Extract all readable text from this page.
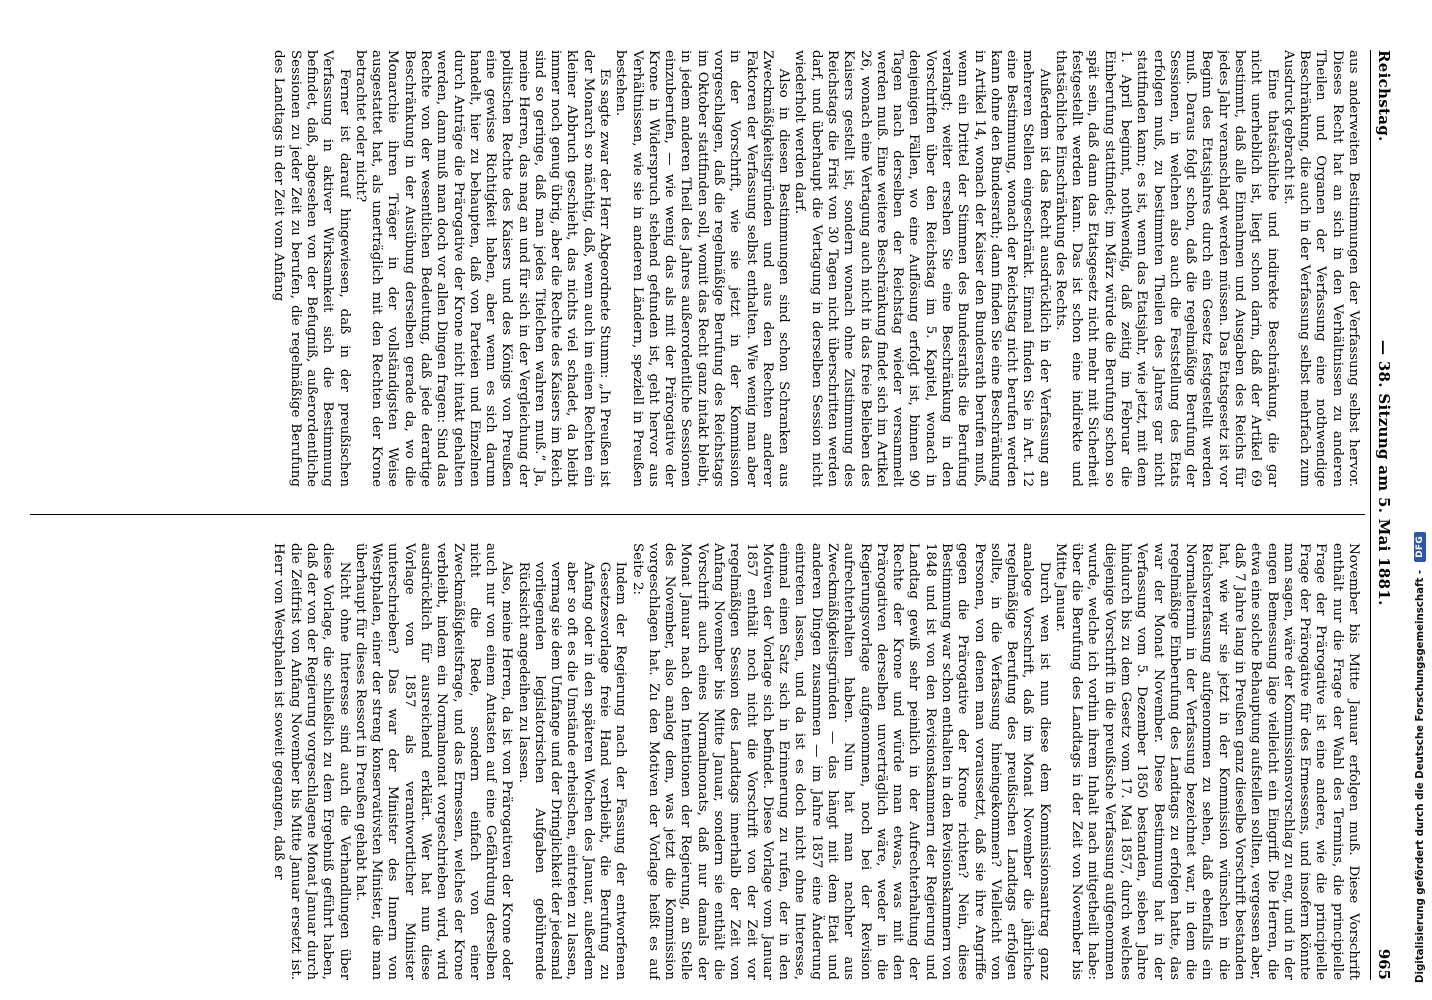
Reichstag.
— 38. Sitzung am 5. Mai 1881.
965

aus anderweiten Bestimmungen der Verfassung selbst hervor. Dieses Recht hat an sich in den Verhältnissen zu anderen Theilen und Organen der Verfassung eine nothwendige Beschränkung, die auch in der Verfassung selbst mehrfach zum Ausdruck gebracht ist.

Eine thatsächliche und indirekte Beschränkung, die gar nicht unerheblich ist, liegt schon darin, daß der Artikel 69 bestimmt, daß alle Einnahmen und Ausgaben des Reichs für jedes Jahr veranschlagt werden müssen. Das Etatsgesetz ist vor Beginn des Etatsjahres durch ein Gesetz festgestellt werden muß. Daraus folgt schon, daß die regelmäßige Berufung der Sessionen, in welchen also auch die Feststellung des Etats erfolgen muß, zu bestimmten Theilen des Jahres gar nicht stattfinden kann; es ist, wenn das Etatsjahr, wie jetzt, mit dem 1. April beginnt, nothwendig, daß zeitig im Februar die Einberufung stattfindet; im März würde die Berufung schon so spät sein, daß dann das Etatsgesetz nicht mehr mit Sicherheit festgestellt werden kann. Das ist schon eine indirekte und thatsächliche Einschränkung des Rechts.

Außerdem ist das Recht ausdrücklich in der Verfassung an mehreren Stellen eingeschränkt. Einmal finden Sie in Art. 12 eine Bestimmung, wonach der Reichstag nicht berufen werden kann ohne den Bundesrath; dann finden Sie eine Beschränkung in Artikel 14, wonach der Kaiser den Bundesrath berufen muß, wenn ein Drittel der Stimmen des Bundesraths die Berufung verlangt; weiter ersehen Sie eine Beschränkung in den Vorschriften über den Reichstag im 5. Kapitel, wonach in denjenigen Fällen, wo eine Auflösung erfolgt ist, binnen 90 Tagen nach derselben der Reichstag wieder versammelt werden muß. Eine weitere Beschränkung findet sich im Artikel 26, wonach eine Vertagung auch nicht in das freie Belieben des Kaisers gestellt ist, sondern wonach ohne Zustimmung des Reichstags die Frist von 30 Tagen nicht überschritten werden darf, und überhaupt die Vertagung in derselben Session nicht wiederholt werden darf.

Also in diesen Bestimmungen sind schon Schranken aus Zweckmäßigkeitsgründen und aus den Rechten anderer Faktoren der Verfassung selbst enthalten. Wie wenig man aber in der Vorschrift, wie sie jetzt in der Kommission vorgeschlagen, daß die regelmäßige Berufung des Reichstags im Oktober stattfinden soll, womit das Recht ganz intakt bleibt, in jedem anderen Theil des Jahres außerordentliche Sessionen einzuberufen, — wie wenig das als mit der Prärogative der Krone in Widerspruch stehend gefunden ist, geht hervor aus Verhältnissen, wie sie in anderen Ländern, speziell in Preußen bestehen.

Es sagte zwar der Herr Abgeordnete Stumm: „In Preußen ist der Monarch so mächtig, daß, wenn auch im einen Rechten ein kleiner Abbruch geschieht, das nichts viel schadet, da bleibt immer noch genug übrig, aber die Rechte des Kaisers im Reich sind so geringe, daß man jedes Titelchen wahren muß.“ Ja, meine Herren, das mag an und für sich in der Vergleichung der politischen Rechte des Kaisers und des Königs von Preußen eine gewisse Richtigkeit haben, aber wenn es sich darum handelt, hier zu behaupten, daß von Parteien und Einzelnen durch Anträge die Prärogative der Krone nicht intakt gehalten werden, dann muß man doch vor allen Dingen fragen: Sind das Rechte von der wesentlichen Bedeutung, daß jede derartige Beschränkung in der Ausübung derselben gerade da, wo die Monarchie ihren Träger in der vollständigsten Weise ausgestattet hat, als unerträglich mit den Rechten der Krone betrachtet oder nicht?

Ferner ist darauf hingewiesen, daß in der preußischen Verfassung in aktiver Wirksamkeit sich die Bestimmung befindet, daß, abgesehen von der Befugniß, außerordentliche Sessionen zu jeder Zeit zu berufen, die regelmäßige Berufung des Landtags in der Zeit vom Anfang

November bis Mitte Januar erfolgen muß. Diese Vorschrift enthält nur die Frage der Wahl des Termins, die principielle Frage der Prärogative ist eine andere, wie die principielle Frage der Prärogative für des Ermessens, und insofern könnte man sagen, wäre der Kommissionsvorschlag zu eng, und in der engen Bemessung läge vielleicht ein Eingriff. Die Herren, die etwa eine solche Behauptung aufstellen sollten, vergessen aber, daß 7 Jahre lang in Preußen ganz dieselbe Vorschrift bestanden hat, wie wir sie jetzt in der Kommission wünschen in die Reichsverfassung aufgenommen zu sehen, daß ebenfalls ein Normaltermin in der Verfassung bezeichnet war, in dem die regelmäßige Einberufung des Landtags zu erfolgen hatte, das war der Monat November. Diese Bestimmung hat in der Verfassung vom 5. Dezember 1850 bestanden, sieben Jahre hindurch bis zu dem Gesetz vom 17. Mai 1857, durch welches diejenige Vorschrift in die preußische Verfassung aufgenommen wurde, welche ich vorhin ihrem Inhalt nach mitgetheilt habe: über die Berufung des Landtags in der Zeit von November bis Mitte Januar.

Durch wen ist nun diese dem Kommissionsantrag ganz analoge Vorschrift, daß im Monat November die jährliche regelmäßige Berufung des preußischen Landtags erfolgen sollte, in die Verfassung hineingekommen? Vielleicht von Personen, von denen man voraussetzt, daß sie ihre Angriffe gegen die Prärogative der Krone richten? Nein, diese Bestimmung war schon enthalten in den Revisionskammern von 1848 und ist von den Revisionskammern der Regierung und Landtag gewiß sehr peinlich in der Aufrechterhaltung der Rechte der Krone und würde man etwas, was mit den Prärogativen derselben unverträglich wäre, weder in die Regierungsvorlage aufgenommen, noch bei der Revision aufrechterhalten haben. Nun hat man nachher aus Zweckmäßigkeitsgründen — das hängt mit dem Etat und anderen Dingen zusammen — im Jahre 1857 eine Änderung eintreten lassen, und da ist es doch nicht ohne Interesse, einmal einen Satz sich in Erinnerung zu rufen, der in den Motiven der Vorlage sich befindet. Diese Vorlage vom Januar 1857 enthält noch nicht die Vorschrift von der Zeit vor regelmäßigen Session des Landtags innerhalb der Zeit von Anfang November bis Mitte Januar, sondern sie enthält die Vorschrift auch eines Normalmonats, daß nur damals der Monat Januar nach den Intentionen der Regierung, an Stelle des November, also analog dem, was jetzt die Kommission vorgeschlagen hat. Zu den Motiven der Vorlage heißt es auf Seite 2:

Indem der Regierung nach der Fassung der entworfenen Gesetzesvorlage freie Hand verbleibt, die Berufung zu Anfang oder in den späteren Wochen des Januar, außerdem aber so oft es die Umstände erheischen, eintreten zu lassen, vermag sie dem Umfange und der Dringlichkeit der jedesmal vorliegenden legislatorischen Aufgaben gebührende Rücksicht angedeihen zu lassen.

Also, meine Herren, da ist von Prärogativen der Krone oder auch nur von einem Antasten auf eine Gefährdung derselben nicht die Rede, sondern einfach von einer Zweckmäßigkeitsfrage, und das Ermessen, welches der Krone verbleibt, indem ein Normalmonat vorgeschrieben wird, wird ausdrücklich für ausreichend erklärt. Wer hat nun diese Vorlage von 1857 als verantwortlicher Minister unterschrieben? Das war der Minister des Innern von Westphalen, einer der streng konservativsten Minister, die man überhaupt für dieses Ressort in Preußen gehabt hat.

Nicht ohne Interesse sind auch die Verhandlungen über diese Vorlage, die schließlich zu dem Ergebniß geführt haben, daß der von der Regierung vorgeschlagene Monat Januar durch die Zeitfrist von Anfang November bis Mitte Januar ersetzt ist. Herr von Westphalen ist soweit gegangen, daß er	Digitalisierung gefördert durch die Deutsche Forschungsgemeinschaft -
DFG
